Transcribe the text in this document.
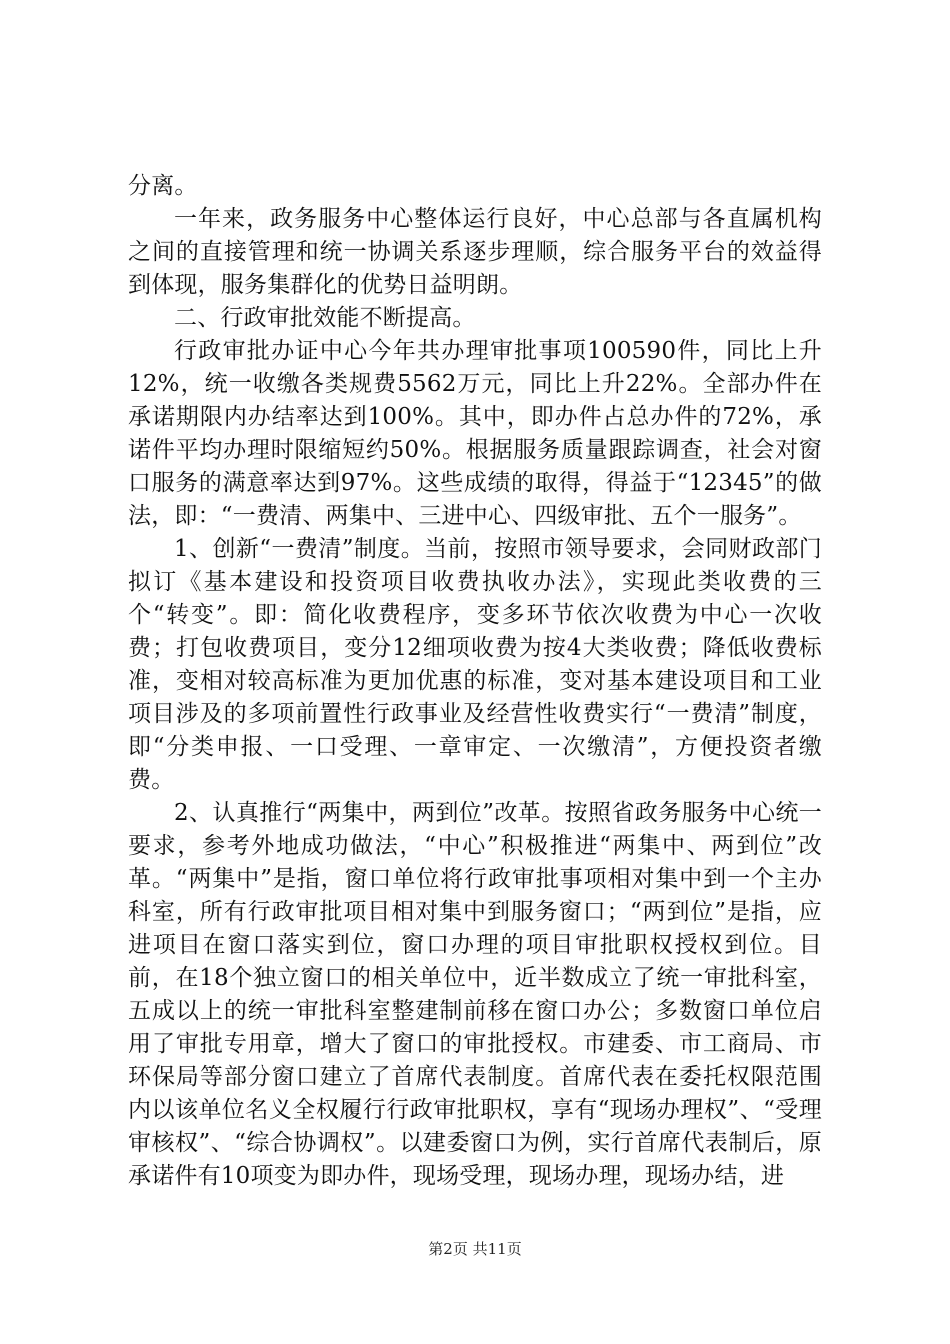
分离。

一年来，政务服务中心整体运行良好，中心总部与各直属机构之间的直接管理和统一协调关系逐步理顺，综合服务平台的效益得到体现，服务集群化的优势日益明朗。

二、行政审批效能不断提高。

行政审批办证中心今年共办理审批事项100590件，同比上升12%，统一收缴各类规费5562万元，同比上升22%。全部办件在承诺期限内办结率达到100%。其中，即办件占总办件的72%，承诺件平均办理时限缩短约50%。根据服务质量跟踪调查，社会对窗口服务的满意率达到97%。这些成绩的取得，得益于“12345”的做法，即：“一费清、两集中、三进中心、四级审批、五个一服务”。

1、创新“一费清”制度。当前，按照市领导要求，会同财政部门拟订《基本建设和投资项目收费执收办法》，实现此类收费的三个“转变”。即：简化收费程序，变多环节依次收费为中心一次收费；打包收费项目，变分12细项收费为按4大类收费；降低收费标准，变相对较高标准为更加优惠的标准，变对基本建设项目和工业项目涉及的多项前置性行政事业及经营性收费实行“一费清”制度，即“分类申报、一口受理、一章审定、一次缴清”，方便投资者缴费。

2、认真推行“两集中，两到位”改革。按照省政务服务中心统一要求，参考外地成功做法，“中心”积极推进“两集中、两到位”改革。“两集中”是指，窗口单位将行政审批事项相对集中到一个主办科室，所有行政审批项目相对集中到服务窗口；“两到位”是指，应进项目在窗口落实到位，窗口办理的项目审批职权授权到位。目前，在18个独立窗口的相关单位中，近半数成立了统一审批科室，五成以上的统一审批科室整建制前移在窗口办公；多数窗口单位启用了审批专用章，增大了窗口的审批授权。市建委、市工商局、市环保局等部分窗口建立了首席代表制度。首席代表在委托权限范围内以该单位名义全权履行行政审批职权，享有“现场办理权”、“受理审核权”、“综合协调权”。以建委窗口为例，实行首席代表制后，原承诺件有10项变为即办件，现场受理，现场办理，现场办结，进

第2页 共11页
